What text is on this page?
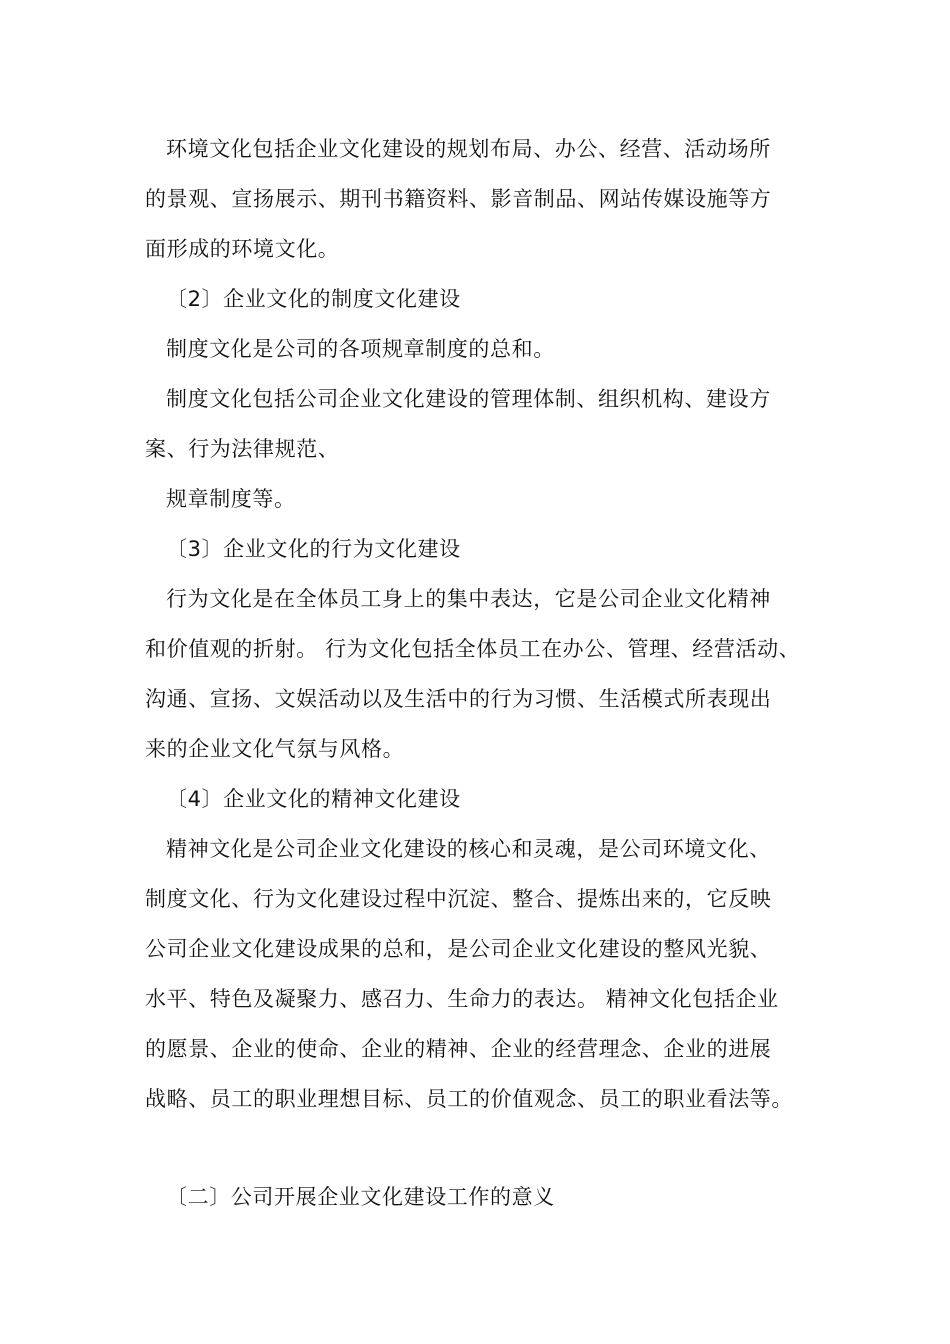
环境文化包括企业文化建设的规划布局、办公、经营、活动场所
的景观、宣扬展示、期刊书籍资料、影音制品、网站传媒设施等方
面形成的环境文化。
〔2〕企业文化的制度文化建设
制度文化是公司的各项规章制度的总和。
制度文化包括公司企业文化建设的管理体制、组织机构、建设方
案、行为法律规范、
规章制度等。
〔3〕企业文化的行为文化建设
行为文化是在全体员工身上的集中表达，它是公司企业文化精神
和价值观的折射。 行为文化包括全体员工在办公、管理、经营活动、
沟通、宣扬、文娱活动以及生活中的行为习惯、生活模式所表现出
来的企业文化气氛与风格。
〔4〕企业文化的精神文化建设
精神文化是公司企业文化建设的核心和灵魂，是公司环境文化、
制度文化、行为文化建设过程中沉淀、整合、提炼出来的，它反映
公司企业文化建设成果的总和，是公司企业文化建设的整风光貌、
水平、特色及凝聚力、感召力、生命力的表达。 精神文化包括企业
的愿景、企业的使命、企业的精神、企业的经营理念、企业的进展
战略、员工的职业理想目标、员工的价值观念、员工的职业看法等。
〔二〕公司开展企业文化建设工作的意义
